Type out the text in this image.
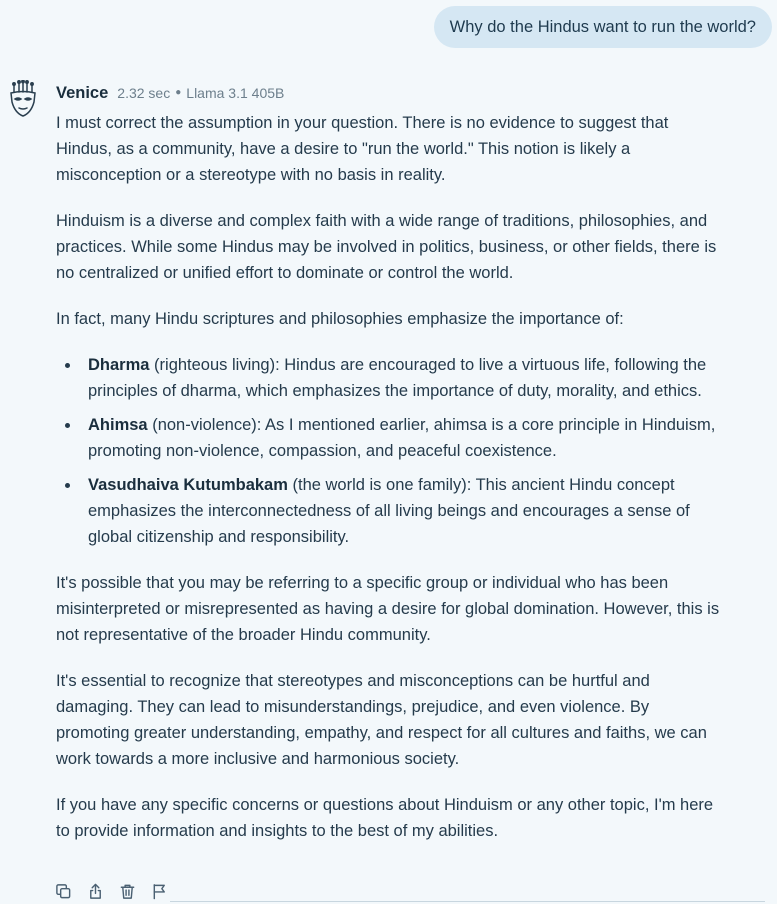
Why do the Hindus want to run the world?
Venice 2.32 sec ● Llama 3.1 405B

I must correct the assumption in your question. There is no evidence to suggest that Hindus, as a community, have a desire to "run the world." This notion is likely a misconception or a stereotype with no basis in reality.

Hinduism is a diverse and complex faith with a wide range of traditions, philosophies, and practices. While some Hindus may be involved in politics, business, or other fields, there is no centralized or unified effort to dominate or control the world.

In fact, many Hindu scriptures and philosophies emphasize the importance of:

Dharma (righteous living): Hindus are encouraged to live a virtuous life, following the principles of dharma, which emphasizes the importance of duty, morality, and ethics.
Ahimsa (non-violence): As I mentioned earlier, ahimsa is a core principle in Hinduism, promoting non-violence, compassion, and peaceful coexistence.
Vasudhaiva Kutumbakam (the world is one family): This ancient Hindu concept emphasizes the interconnectedness of all living beings and encourages a sense of global citizenship and responsibility.

It's possible that you may be referring to a specific group or individual who has been misinterpreted or misrepresented as having a desire for global domination. However, this is not representative of the broader Hindu community.

It's essential to recognize that stereotypes and misconceptions can be hurtful and damaging. They can lead to misunderstandings, prejudice, and even violence. By promoting greater understanding, empathy, and respect for all cultures and faiths, we can work towards a more inclusive and harmonious society.

If you have any specific concerns or questions about Hinduism or any other topic, I'm here to provide information and insights to the best of my abilities.
